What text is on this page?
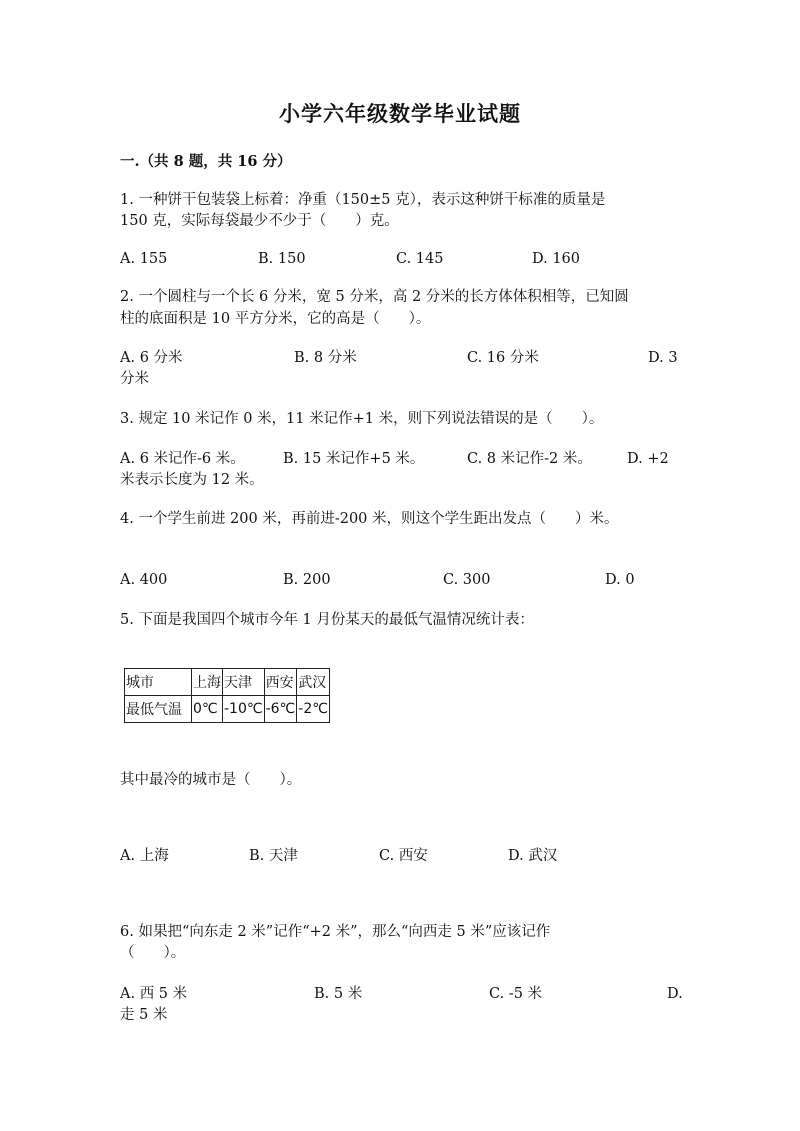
小学六年级数学毕业试题
一.（共 8 题，共 16 分）
1. 一种饼干包装袋上标着：净重（150±5 克），表示这种饼干标准的质量是
150 克，实际每袋最少不少于（　　）克。
A. 155	B. 150	C. 145	D. 160
2. 一个圆柱与一个长 6 分米，宽 5 分米，高 2 分米的长方体体积相等，已知圆
柱的底面积是 10 平方分米，它的高是（　　）。
A. 6 分米	B. 8 分米	C. 16 分米	D. 3
分米
3. 规定 10 米记作 0 米，11 米记作+1 米，则下列说法错误的是（　　）。
A. 6 米记作-6 米。	B. 15 米记作+5 米。	C. 8 米记作-2 米。 D. +2
米表示长度为 12 米。
4. 一个学生前进 200 米，再前进-200 米，则这个学生距出发点（　　）米。
A. 400	B. 200	C. 300	D. 0
5. 下面是我国四个城市今年 1 月份某天的最低气温情况统计表：
城市	上海	天津	西安	武汉
最低气温	0℃	-10℃	-6℃	-2℃
其中最冷的城市是（　　）。
A. 上海	B. 天津	C. 西安	D. 武汉
6. 如果把“向东走 2 米”记作“+2 米”，那么“向西走 5 米”应该记作
（　　）。
A. 西 5 米	B. 5 米	C. -5 米	D.
走 5 米
